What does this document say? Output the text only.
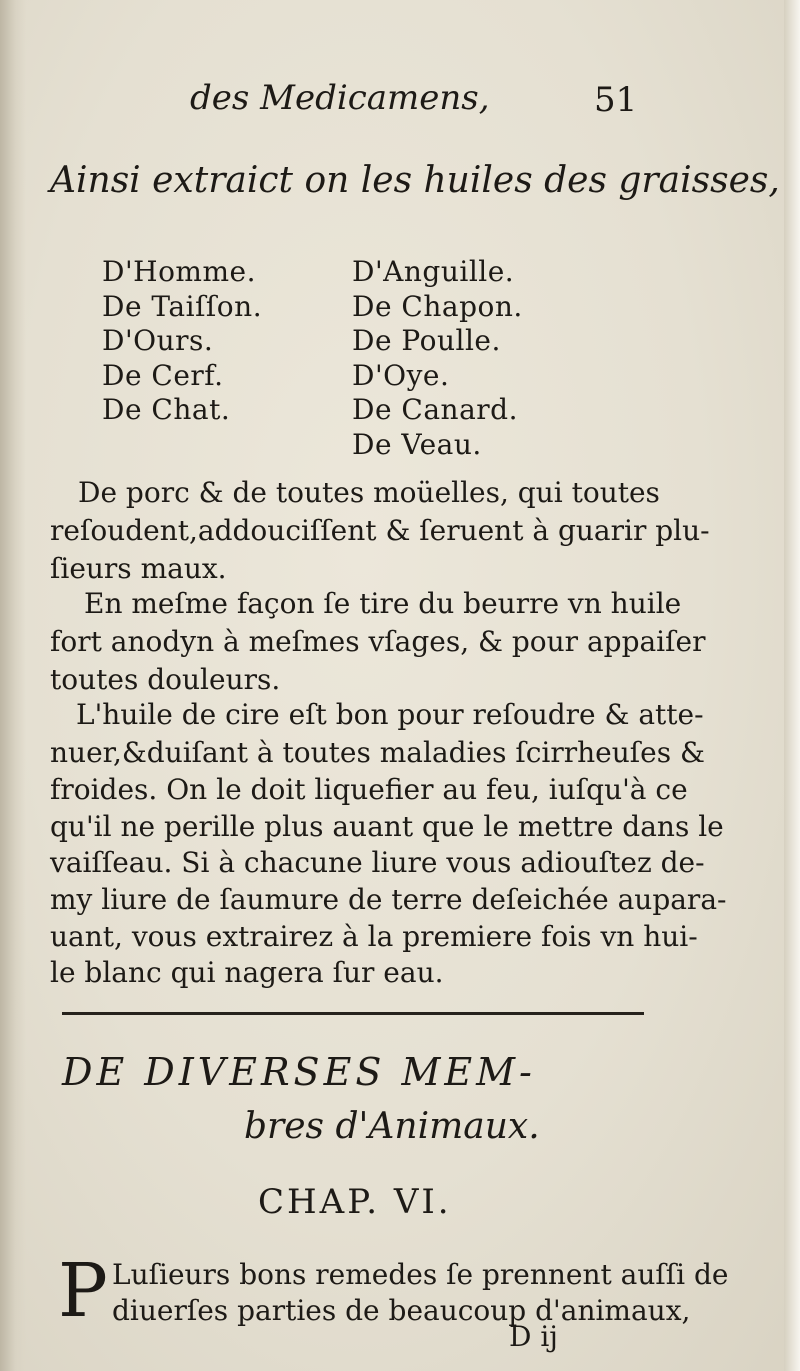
des Medicamens,	51
Ainsi extraict on les huiles des graisses,
D'Homme.
De Taiſſon.
D'Ours.
De Cerf.
De Chat.
D'Anguille.
De Chapon.
De Poulle.
D'Oye.
De Canard.
De Veau.
De porc & de toutes moüelles, qui toutes
reſoudent,addouciſſent & ſeruent à guarir plu-
ſieurs maux.
En meſme façon ſe tire du beurre vn huile
fort anodyn à meſmes vſages, & pour appaiſer
toutes douleurs.
L'huile de cire eſt bon pour reſoudre & atte-
nuer,&duiſant à toutes maladies ſcirrheuſes &
froides. On le doit liquefier au feu, iuſqu'à ce
qu'il ne perille plus auant que le mettre dans le
vaiſſeau. Si à chacune liure vous adiouſtez de-
my liure de ſaumure de terre deſeichée aupara-
uant, vous extrairez à la premiere fois vn hui-
le blanc qui nagera ſur eau.
DE DIVERSES MEM-
bres d'Animaux.
CHAP. VI.
P Luſieurs bons remedes ſe prennent auſſi de
diuerſes parties de beaucoup d'animaux,
D ij
